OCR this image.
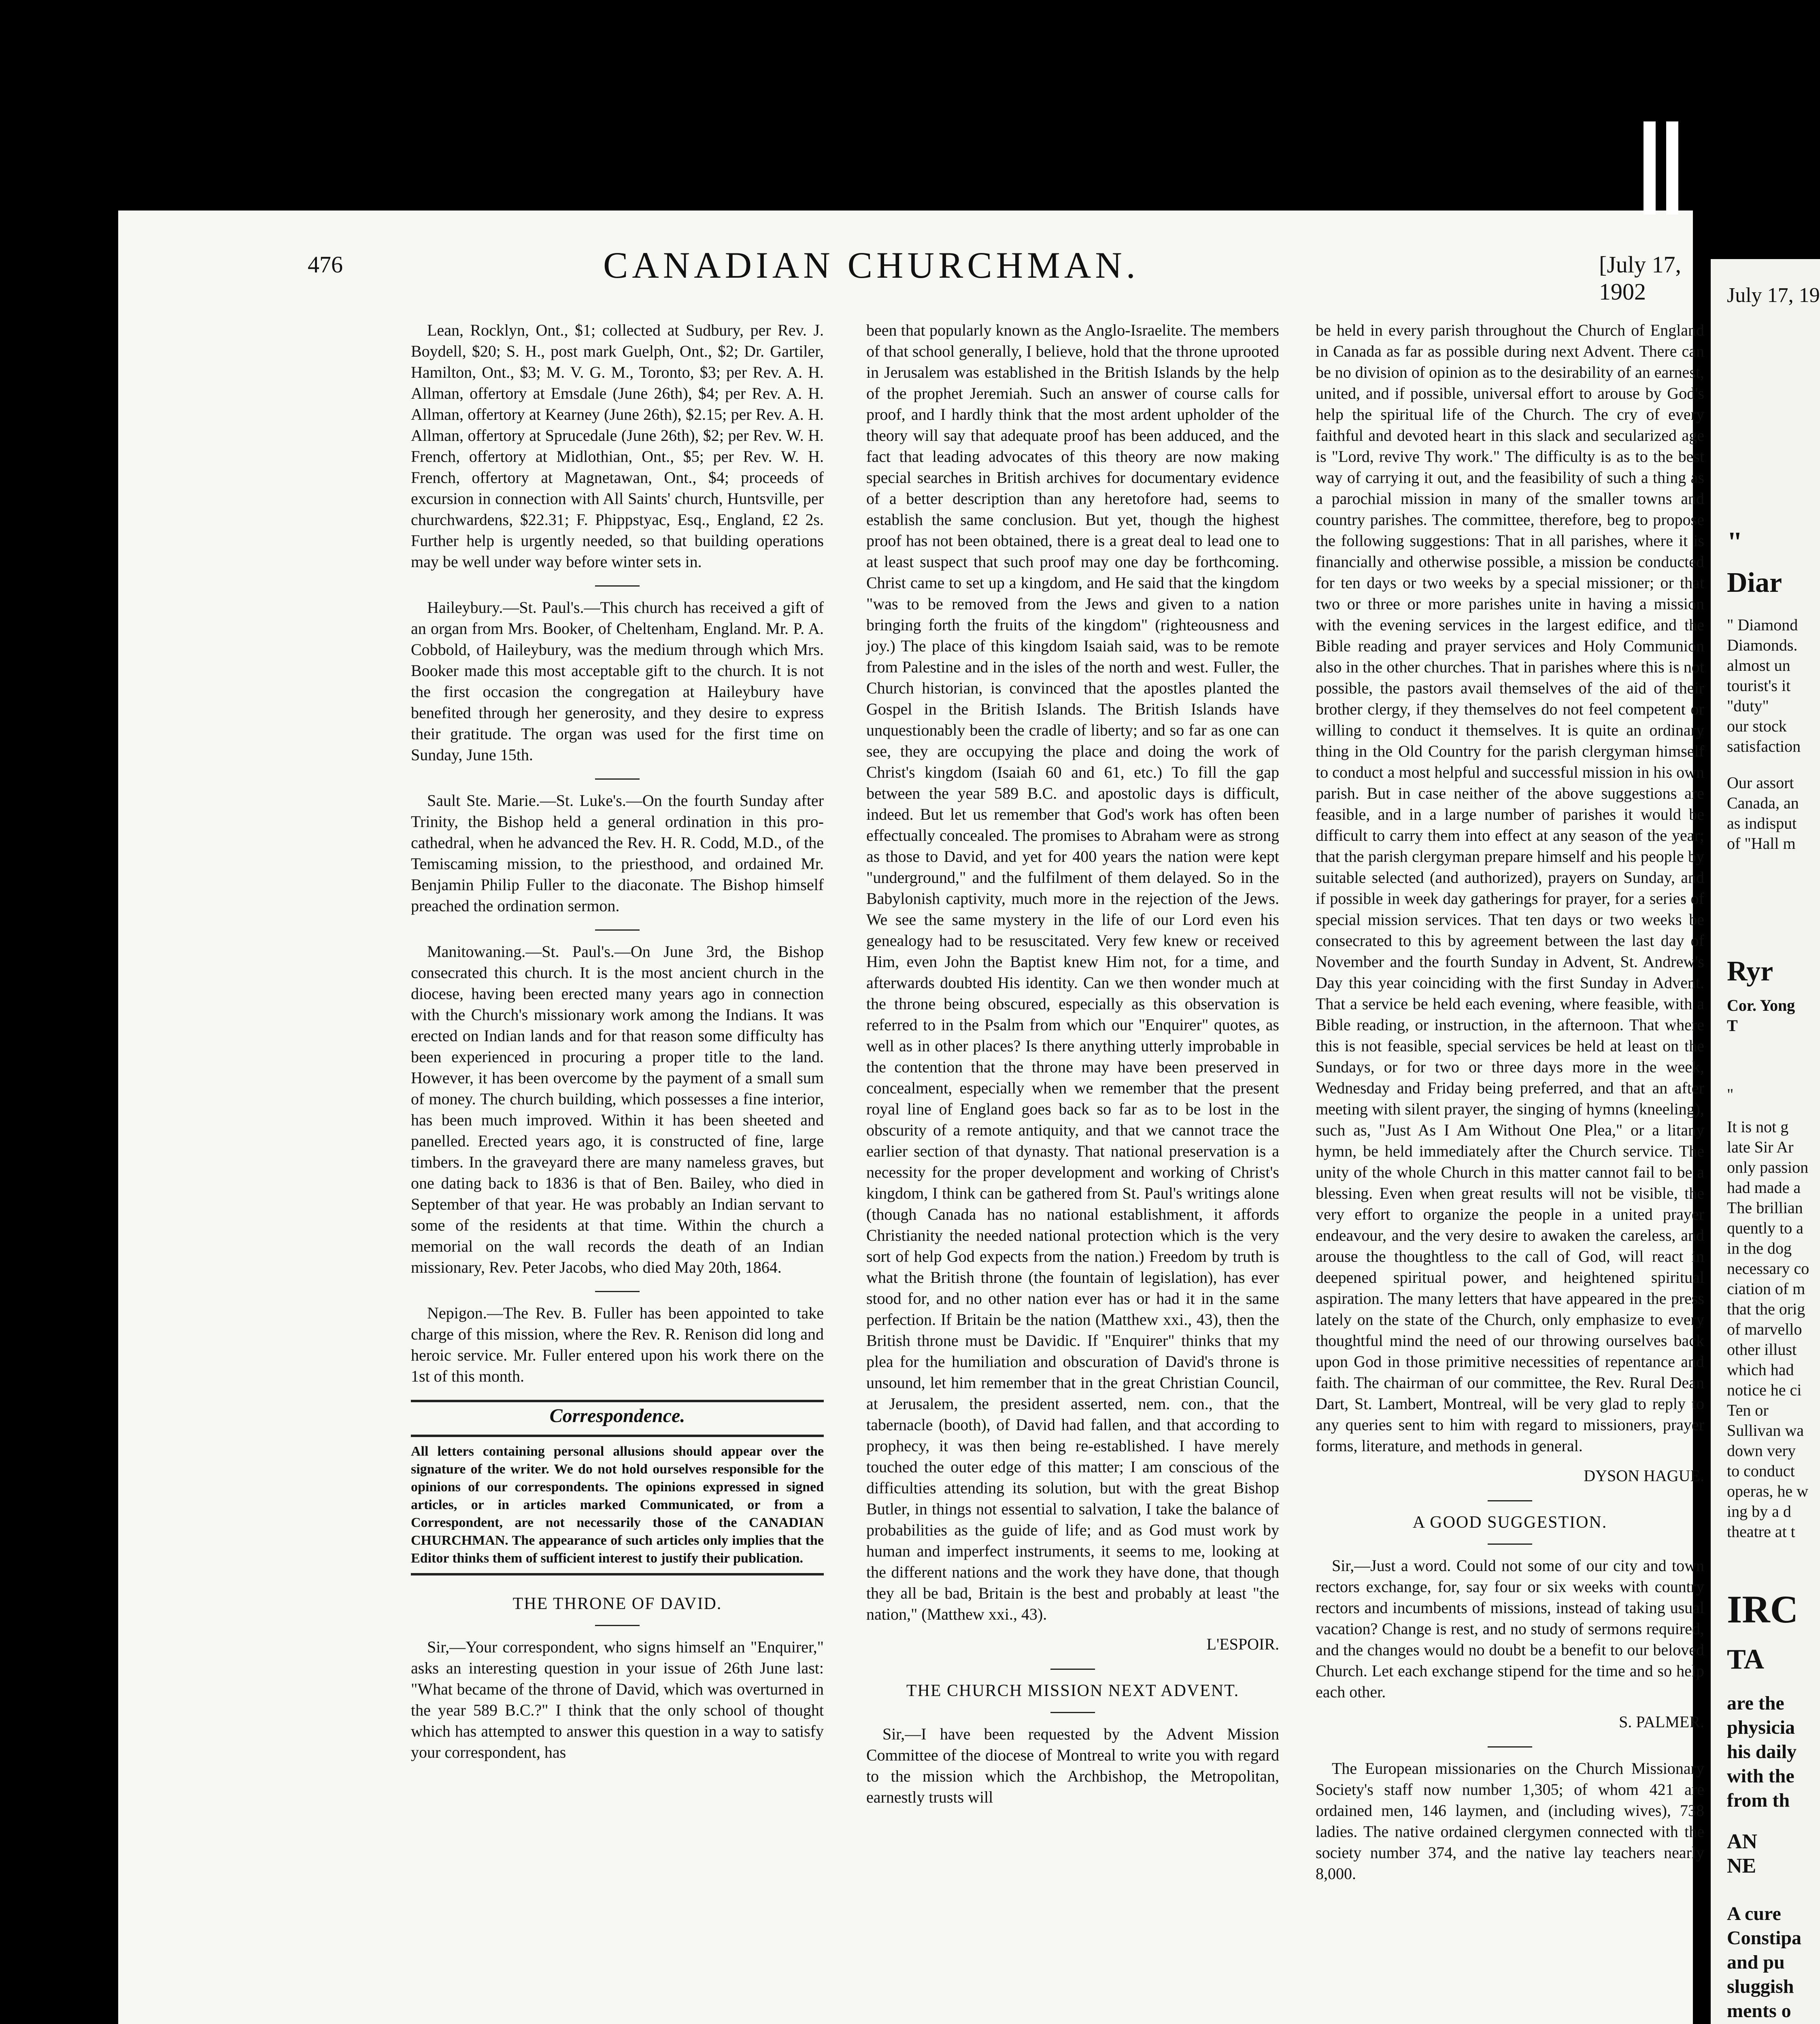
476	CANADIAN CHURCHMAN.	[July 17, 1902

Lean, Rocklyn, Ont., $1; collected at Sudbury, per Rev. J. Boydell, $20; S. H., post mark Guelph, Ont., $2; Dr. Gartiler, Hamilton, Ont., $3; M. V. G. M., Toronto, $3; per Rev. A. H. Allman, offertory at Emsdale (June 26th), $4; per Rev. A. H. Allman, offertory at Kearney (June 26th), $2.15; per Rev. A. H. Allman, offertory at Sprucedale (June 26th), $2; per Rev. W. H. French, offertory at Midlothian, Ont., $5; per Rev. W. H. French, offertory at Magnetawan, Ont., $4; proceeds of excursion in connection with All Saints' church, Huntsville, per churchwardens, $22.31; F. Phippstyac, Esq., England, £2 2s. Further help is urgently needed, so that building operations may be well under way before winter sets in.

Haileybury.—St. Paul's.—This church has received a gift of an organ from Mrs. Booker, of Cheltenham, England. Mr. P. A. Cobbold, of Haileybury, was the medium through which Mrs. Booker made this most acceptable gift to the church. It is not the first occasion the congregation at Haileybury have benefited through her generosity, and they desire to express their gratitude. The organ was used for the first time on Sunday, June 15th.

Sault Ste. Marie.—St. Luke's.—On the fourth Sunday after Trinity, the Bishop held a general ordination in this pro-cathedral, when he advanced the Rev. H. R. Codd, M.D., of the Temiscaming mission, to the priesthood, and ordained Mr. Benjamin Philip Fuller to the diaconate. The Bishop himself preached the ordination sermon.

Manitowaning.—St. Paul's.—On June 3rd, the Bishop consecrated this church. It is the most ancient church in the diocese, having been erected many years ago in connection with the Church's missionary work among the Indians. It was erected on Indian lands and for that reason some difficulty has been experienced in procuring a proper title to the land. However, it has been overcome by the payment of a small sum of money. The church building, which possesses a fine interior, has been much improved. Within it has been sheeted and panelled. Erected years ago, it is constructed of fine, large timbers. In the graveyard there are many nameless graves, but one dating back to 1836 is that of Ben. Bailey, who died in September of that year. He was probably an Indian servant to some of the residents at that time. Within the church a memorial on the wall records the death of an Indian missionary, Rev. Peter Jacobs, who died May 20th, 1864.

Nepigon.—The Rev. B. Fuller has been appointed to take charge of this mission, where the Rev. R. Renison did long and heroic service. Mr. Fuller entered upon his work there on the 1st of this month.

Correspondence.
All letters containing personal allusions should appear over the signature of the writer. We do not hold ourselves responsible for the opinions of our correspondents. The opinions expressed in signed articles, or in articles marked Communicated, or from a Correspondent, are not necessarily those of the CANADIAN CHURCHMAN. The appearance of such articles only implies that the Editor thinks them of sufficient interest to justify their publication.
THE THRONE OF DAVID.

Sir,—Your correspondent, who signs himself an "Enquirer," asks an interesting question in your issue of 26th June last: "What became of the throne of David, which was overturned in the year 589 B.C.?" I think that the only school of thought which has attempted to answer this question in a way to satisfy your correspondent, has

been that popularly known as the Anglo-Israelite. The members of that school generally, I believe, hold that the throne uprooted in Jerusalem was established in the British Islands by the help of the prophet Jeremiah. Such an answer of course calls for proof, and I hardly think that the most ardent upholder of the theory will say that adequate proof has been adduced, and the fact that leading advocates of this theory are now making special searches in British archives for documentary evidence of a better description than any heretofore had, seems to establish the same conclusion. But yet, though the highest proof has not been obtained, there is a great deal to lead one to at least suspect that such proof may one day be forthcoming. Christ came to set up a kingdom, and He said that the kingdom "was to be removed from the Jews and given to a nation bringing forth the fruits of the kingdom" (righteousness and joy.) The place of this kingdom Isaiah said, was to be remote from Palestine and in the isles of the north and west. Fuller, the Church historian, is convinced that the apostles planted the Gospel in the British Islands. The British Islands have unquestionably been the cradle of liberty; and so far as one can see, they are occupying the place and doing the work of Christ's kingdom (Isaiah 60 and 61, etc.) To fill the gap between the year 589 B.C. and apostolic days is difficult, indeed. But let us remember that God's work has often been effectually concealed. The promises to Abraham were as strong as those to David, and yet for 400 years the nation were kept "underground," and the fulfilment of them delayed. So in the Babylonish captivity, much more in the rejection of the Jews. We see the same mystery in the life of our Lord even his genealogy had to be resuscitated. Very few knew or received Him, even John the Baptist knew Him not, for a time, and afterwards doubted His identity. Can we then wonder much at the throne being obscured, especially as this observation is referred to in the Psalm from which our "Enquirer" quotes, as well as in other places? Is there anything utterly improbable in the contention that the throne may have been preserved in concealment, especially when we remember that the present royal line of England goes back so far as to be lost in the obscurity of a remote antiquity, and that we cannot trace the earlier section of that dynasty. That national preservation is a necessity for the proper development and working of Christ's kingdom, I think can be gathered from St. Paul's writings alone (though Canada has no national establishment, it affords Christianity the needed national protection which is the very sort of help God expects from the nation.) Freedom by truth is what the British throne (the fountain of legislation), has ever stood for, and no other nation ever has or had it in the same perfection. If Britain be the nation (Matthew xxi., 43), then the British throne must be Davidic. If "Enquirer" thinks that my plea for the humiliation and obscuration of David's throne is unsound, let him remember that in the great Christian Council, at Jerusalem, the president asserted, nem. con., that the tabernacle (booth), of David had fallen, and that according to prophecy, it was then being re-established. I have merely touched the outer edge of this matter; I am conscious of the difficulties attending its solution, but with the great Bishop Butler, in things not essential to salvation, I take the balance of probabilities as the guide of life; and as God must work by human and imperfect instruments, it seems to me, looking at the different nations and the work they have done, that though they all be bad, Britain is the best and probably at least "the nation," (Matthew xxi., 43).

L'ESPOIR.
THE CHURCH MISSION NEXT ADVENT.

Sir,—I have been requested by the Advent Mission Committee of the diocese of Montreal to write you with regard to the mission which the Archbishop, the Metropolitan, earnestly trusts will

be held in every parish throughout the Church of England in Canada as far as possible during next Advent. There can be no division of opinion as to the desirability of an earnest, united, and if possible, universal effort to arouse by God's help the spiritual life of the Church. The cry of every faithful and devoted heart in this slack and secularized age is "Lord, revive Thy work." The difficulty is as to the best way of carrying it out, and the feasibility of such a thing as a parochial mission in many of the smaller towns and country parishes. The committee, therefore, beg to propose the following suggestions: That in all parishes, where it is financially and otherwise possible, a mission be conducted for ten days or two weeks by a special missioner; or that two or three or more parishes unite in having a mission with the evening services in the largest edifice, and the Bible reading and prayer services and Holy Communion also in the other churches. That in parishes where this is not possible, the pastors avail themselves of the aid of their brother clergy, if they themselves do not feel competent or willing to conduct it themselves. It is quite an ordinary thing in the Old Country for the parish clergyman himself to conduct a most helpful and successful mission in his own parish. But in case neither of the above suggestions are feasible, and in a large number of parishes it would be difficult to carry them into effect at any season of the year; that the parish clergyman prepare himself and his people by suitable selected (and authorized), prayers on Sunday, and if possible in week day gatherings for prayer, for a series of special mission services. That ten days or two weeks be consecrated to this by agreement between the last day of November and the fourth Sunday in Advent, St. Andrew's Day this year coinciding with the first Sunday in Advent. That a service be held each evening, where feasible, with a Bible reading, or instruction, in the afternoon. That where this is not feasible, special services be held at least on the Sundays, or for two or three days more in the week, Wednesday and Friday being preferred, and that an after meeting with silent prayer, the singing of hymns (kneeling), such as, "Just As I Am Without One Plea," or a litany hymn, be held immediately after the Church service. The unity of the whole Church in this matter cannot fail to be a blessing. Even when great results will not be visible, the very effort to organize the people in a united prayer endeavour, and the very desire to awaken the careless, and arouse the thoughtless to the call of God, will react in deepened spiritual power, and heightened spiritual aspiration. The many letters that have appeared in the press lately on the state of the Church, only emphasize to every thoughtful mind the need of our throwing ourselves back upon God in those primitive necessities of repentance and faith. The chairman of our committee, the Rev. Rural Dean Dart, St. Lambert, Montreal, will be very glad to reply to any queries sent to him with regard to missioners, prayer forms, literature, and methods in general.

DYSON HAGUE.
A GOOD SUGGESTION.

Sir,—Just a word. Could not some of our city and town rectors exchange, for, say four or six weeks with country rectors and incumbents of missions, instead of taking usual vacation? Change is rest, and no study of sermons required, and the changes would no doubt be a benefit to our beloved Church. Let each exchange stipend for the time and so help each other.

S. PALMER.

The European missionaries on the Church Missionary Society's staff now number 1,305; of whom 421 are ordained men, 146 laymen, and (including wives), 738 ladies. The native ordained clergymen connected with the society number 374, and the native lay teachers nearly 8,000.

July 17, 19
"
Diar
" Diamond
Diamonds.
almost un
tourist's it
"duty"
our stock
satisfaction
Our assort
Canada, an
as indisput
of "Hall m
Ryr
Cor. Yong
T
"
It is not g
late Sir Ar
only passion
had made a
The brillian
quently to a
in the dog
necessary co
ciation of m
that the orig
of marvello
other illust
which had
notice he ci
Ten or
Sullivan wa
down very
to conduct
operas, he w
ing by a d
theatre at t
IRC
TA
are the
physicia
his daily
with the
from th
AN
NE
A cure
Constipa
and pu
sluggish
ments o
